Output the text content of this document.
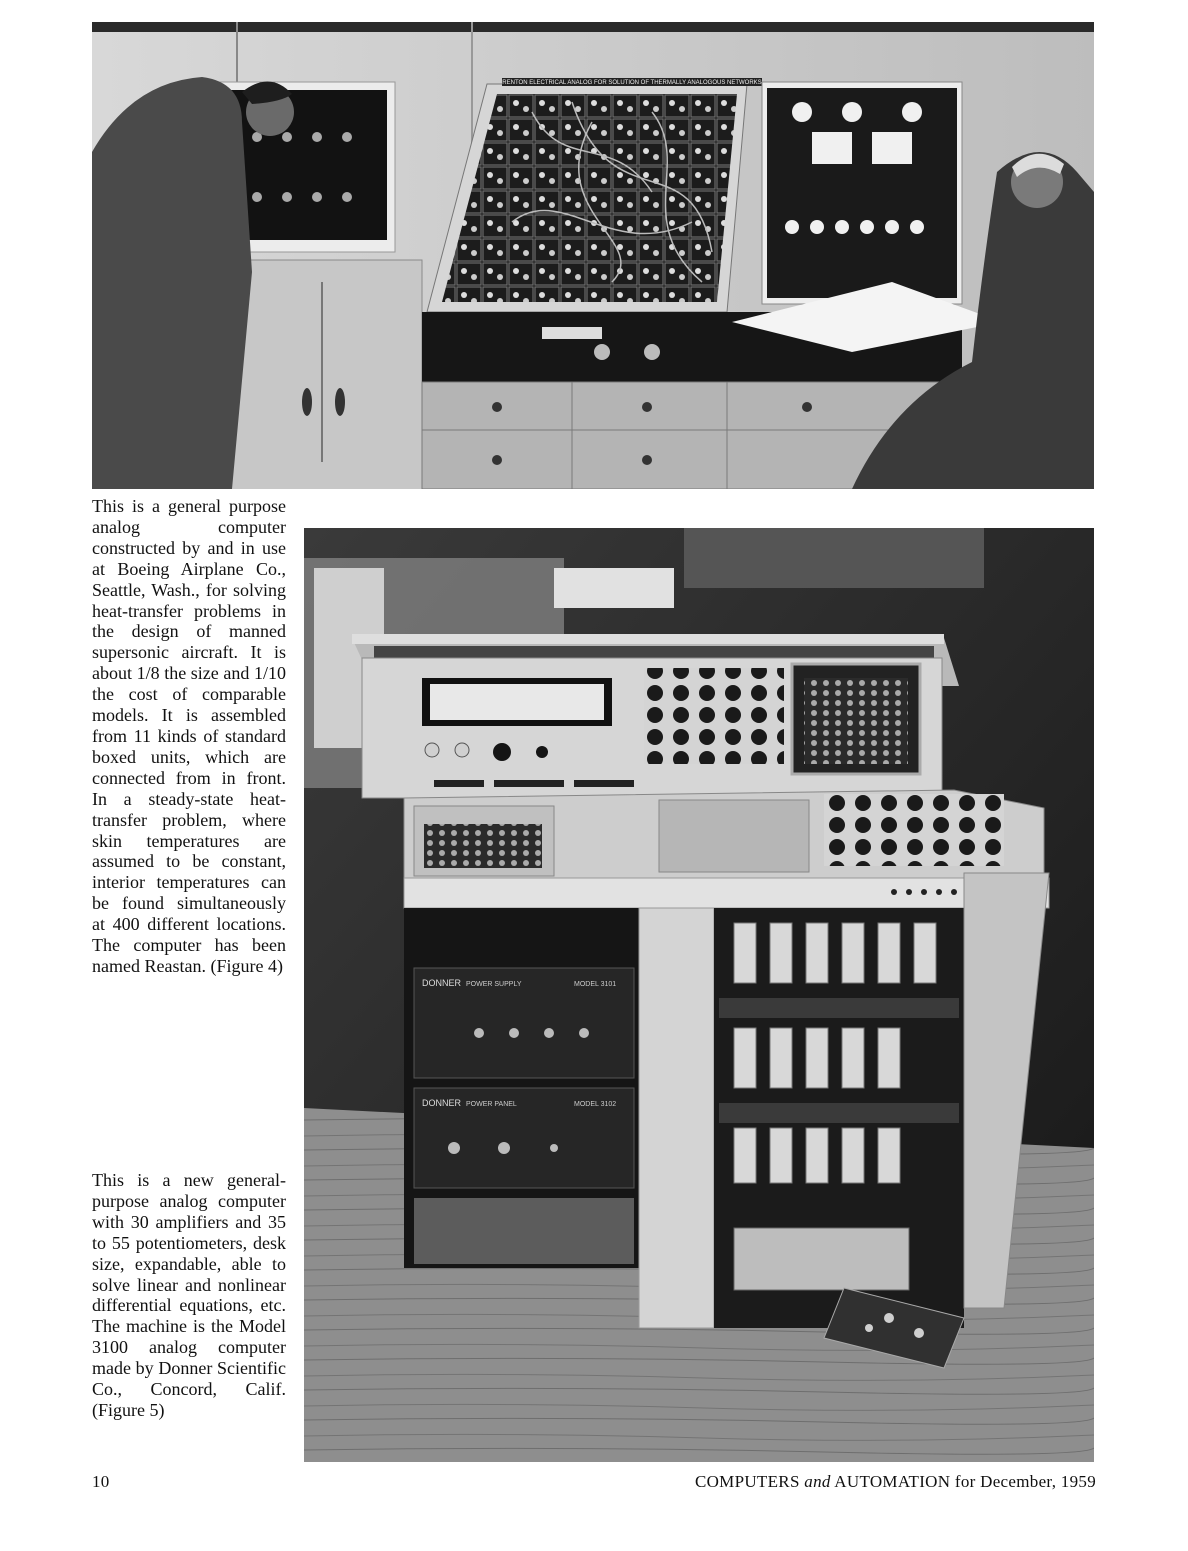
RENTON ELECTRICAL ANALOG FOR SOLUTION OF THERMALLY ANALOGOUS NETWORKS
This is a general purpose analog computer constructed by and in use at Boeing Airplane Co., Seattle, Wash., for solving heat-transfer problems in the design of manned supersonic aircraft. It is about 1/8 the size and 1/10 the cost of comparable models. It is assembled from 11 kinds of standard boxed units, which are connected from in front. In a steady-state heat-transfer problem, where skin temperatures are assumed to be constant, interior temperatures can be found simultaneously at 400 different locations. The computer has been named Reastan. (Figure 4)
DONNER POWER SUPPLY	MODEL 3101
DONNER POWER PANEL	MODEL 3102
This is a new general-purpose analog computer with 30 amplifiers and 35 to 55 potentiometers, desk size, expandable, able to solve linear and nonlinear differential equations, etc. The machine is the Model 3100 analog computer made by Donner Scientific Co., Concord, Calif. (Figure 5)
10	COMPUTERS and AUTOMATION for December, 1959
